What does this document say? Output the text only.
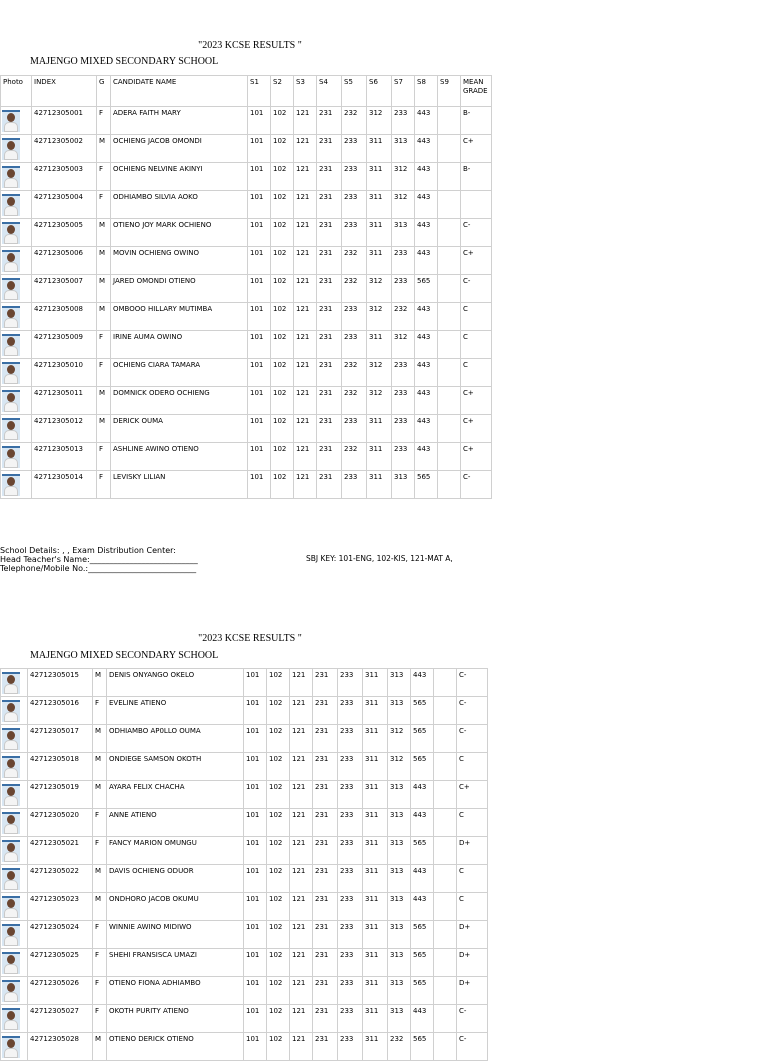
"2023 KCSE RESULTS "
MAJENGO MIXED SECONDARY SCHOOL
Photo	INDEX	G	CANDIDATE NAME	S1	S2	S3	S4	S5	S6	S7	S8	S9	MEAN GRADE

	42712305001	F	ADERA FAITH MARY	101	102	121	231	232	312	233	443		B-

	42712305002	M	OCHIENG JACOB OMONDI	101	102	121	231	233	311	313	443		C+

	42712305003	F	OCHIENG NELVINE AKINYI	101	102	121	231	233	311	312	443		B-

	42712305004	F	ODHIAMBO SILVIA AOKO	101	102	121	231	233	311	312	443		

	42712305005	M	OTIENO JOY MARK OCHIENO	101	102	121	231	233	311	313	443		C-

	42712305006	M	MOVIN OCHIENG OWINO	101	102	121	231	232	311	233	443		C+

	42712305007	M	JARED OMONDI OTIENO	101	102	121	231	232	312	233	565		C-

	42712305008	M	OMBOOO HILLARY MUTIMBA	101	102	121	231	233	312	232	443		C

	42712305009	F	IRINE AUMA OWINO	101	102	121	231	233	311	312	443		C

	42712305010	F	OCHIENG CIARA TAMARA	101	102	121	231	232	312	233	443		C

	42712305011	M	DOMNICK ODERO OCHIENG	101	102	121	231	232	312	233	443		C+

	42712305012	M	DERICK OUMA	101	102	121	231	233	311	233	443		C+

	42712305013	F	ASHLINE AWINO OTIENO	101	102	121	231	232	311	233	443		C+

	42712305014	F	LEVISKY LILIAN	101	102	121	231	233	311	313	565		C-
School Details: , , Exam Distribution Center:
Head Teacher's Name:___________________________
Telephone/Mobile No.:___________________________
SBJ KEY: 101-ENG, 102-KIS, 121-MAT A,
"2023 KCSE RESULTS "
MAJENGO MIXED SECONDARY SCHOOL
	42712305015	M	DENIS ONYANGO OKELO	101	102	121	231	233	311	313	443		C-

	42712305016	F	EVELINE ATIENO	101	102	121	231	233	311	313	565		C-

	42712305017	M	ODHIAMBO AP0LLO OUMA	101	102	121	231	233	311	312	565		C-

	42712305018	M	ONDIEGE SAMSON OKOTH	101	102	121	231	233	311	312	565		C

	42712305019	M	AYARA FELIX CHACHA	101	102	121	231	233	311	313	443		C+

	42712305020	F	ANNE ATIENO	101	102	121	231	233	311	313	443		C

	42712305021	F	FANCY MARION OMUNGU	101	102	121	231	233	311	313	565		D+

	42712305022	M	DAVIS OCHIENG ODUOR	101	102	121	231	233	311	313	443		C

	42712305023	M	ONDHORO JACOB OKUMU	101	102	121	231	233	311	313	443		C

	42712305024	F	WINNIE AWINO MIDIWO	101	102	121	231	233	311	313	565		D+

	42712305025	F	SHEHI FRANSISCA UMAZI	101	102	121	231	233	311	313	565		D+

	42712305026	F	OTIENO FIONA ADHIAMBO	101	102	121	231	233	311	313	565		D+

	42712305027	F	OKOTH PURITY ATIENO	101	102	121	231	233	311	313	443		C-

	42712305028	M	OTIENO DERICK OTIENO	101	102	121	231	233	311	232	565		C-
